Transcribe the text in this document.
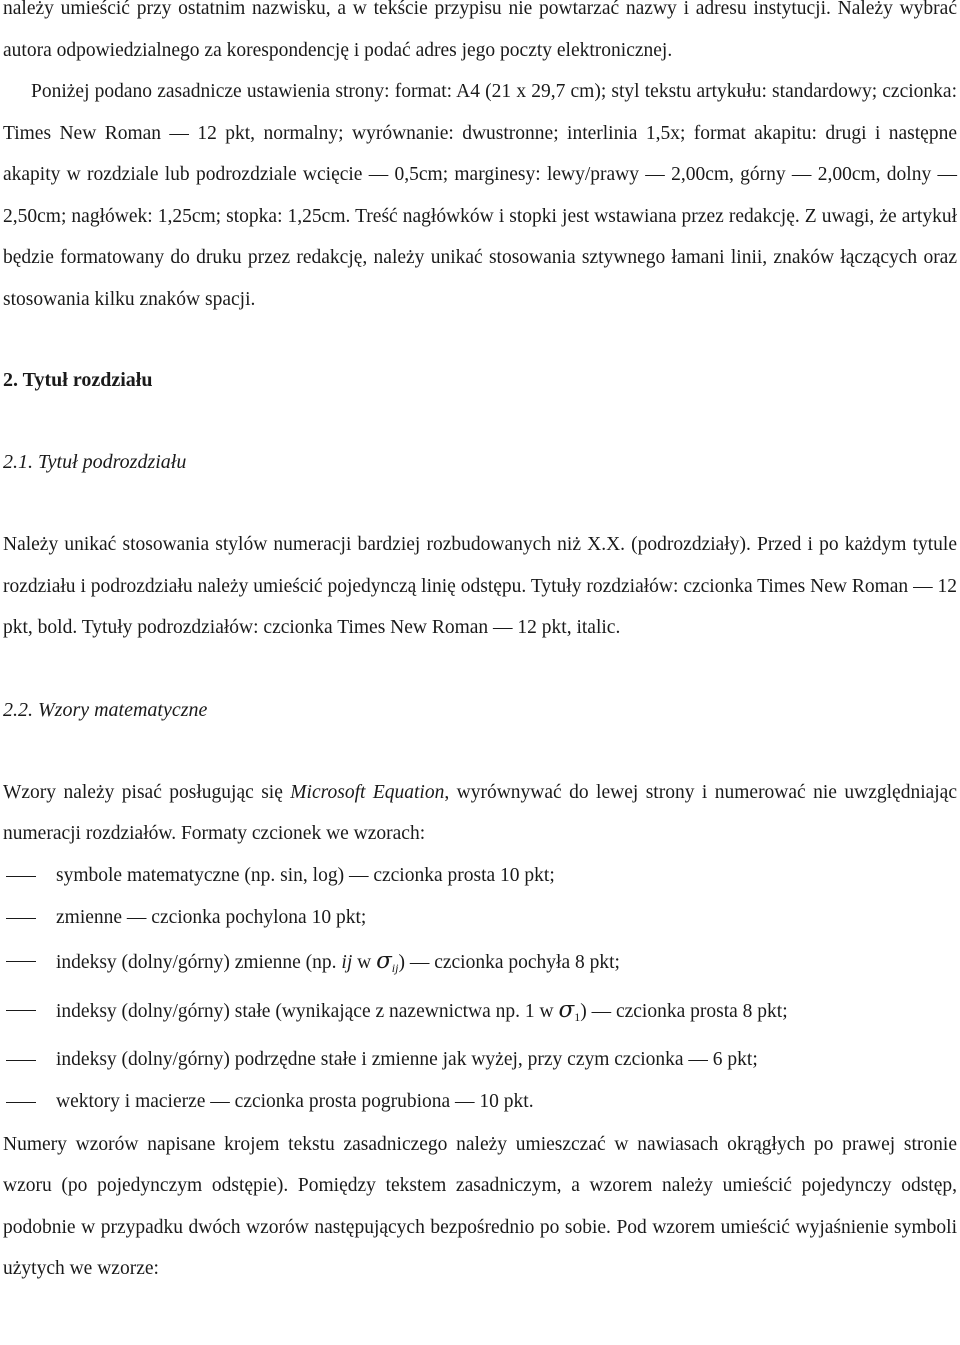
należy umieścić przy ostatnim nazwisku, a w tekście przypisu nie powtarzać nazwy i adresu instytucji. Należy wybrać autora odpowiedzialnego za korespondencję i podać adres jego poczty elektronicznej.

Poniżej podano zasadnicze ustawienia strony: format: A4 (21 x 29,7 cm); styl tekstu artykułu: standardowy; czcionka: Times New Roman — 12 pkt, normalny; wyrównanie: dwustronne; interlinia 1,5x; format akapitu: drugi i następne akapity w rozdziale lub podrozdziale wcięcie — 0,5cm; marginesy: lewy/prawy — 2,00cm, górny — 2,00cm, dolny — 2,50cm; nagłówek: 1,25cm; stopka: 1,25cm. Treść nagłówków i stopki jest wstawiana przez redakcję. Z uwagi, że artykuł będzie formatowany do druku przez redakcję, należy unikać stosowania sztywnego łamani linii, znaków łączących oraz stosowania kilku znaków spacji.

2. Tytuł rozdziału
2.1. Tytuł podrozdziału

Należy unikać stosowania stylów numeracji bardziej rozbudowanych niż X.X. (podrozdziały). Przed i po każdym tytule rozdziału i podrozdziału należy umieścić pojedynczą linię odstępu. Tytuły rozdziałów: czcionka Times New Roman — 12 pkt, bold. Tytuły podrozdziałów: czcionka Times New Roman — 12 pkt, italic.

2.2. Wzory matematyczne

Wzory należy pisać posługując się Microsoft Equation, wyrównywać do lewej strony i numerować nie uwzględniając numeracji rozdziałów. Formaty czcionek we wzorach:

symbole matematyczne (np. sin, log) — czcionka prosta 10 pkt;
zmienne — czcionka pochylona 10 pkt;
indeksy (dolny/górny) zmienne (np. ij w $\sigma_{ij}$) — czcionka pochyła 8 pkt;
indeksy (dolny/górny) stałe (wynikające z nazewnictwa np. 1 w $\sigma_1$) — czcionka prosta 8 pkt;
indeksy (dolny/górny) podrzędne stałe i zmienne jak wyżej, przy czym czcionka — 6 pkt;
wektory i macierze — czcionka prosta pogrubiona — 10 pkt.

Numery wzorów napisane krojem tekstu zasadniczego należy umieszczać w nawiasach okrągłych po prawej stronie wzoru (po pojedynczym odstępie). Pomiędzy tekstem zasadniczym, a wzorem należy umieścić pojedynczy odstęp, podobnie w przypadku dwóch wzorów następujących bezpośrednio po sobie. Pod wzorem umieścić wyjaśnienie symboli użytych we wzorze:
